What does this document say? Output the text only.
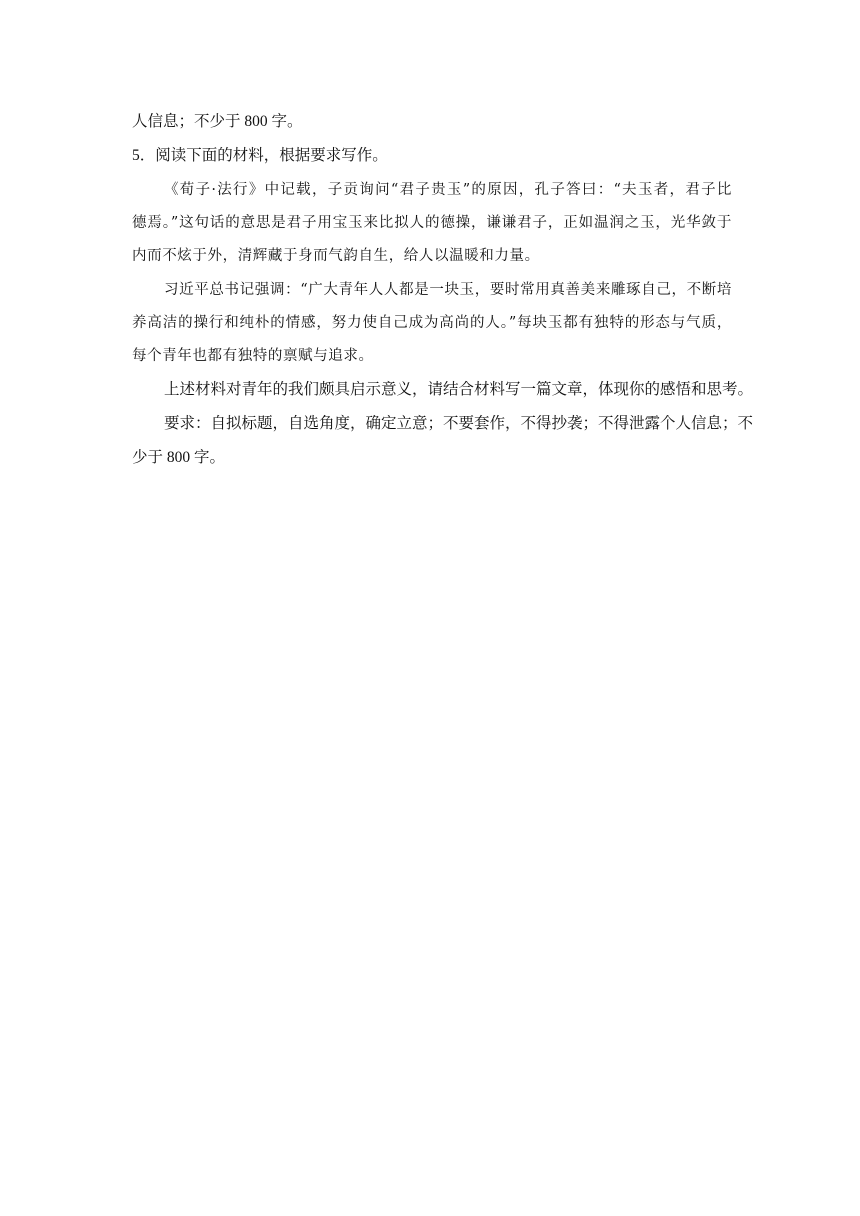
人信息；不少于 800 字。
5．阅读下面的材料，根据要求写作。
《荀子·法行》中记载，子贡询问“君子贵玉”的原因，孔子答曰：“夫玉者，君子比
德焉。”这句话的意思是君子用宝玉来比拟人的德操，谦谦君子，正如温润之玉，光华敛于
内而不炫于外，清辉藏于身而气韵自生，给人以温暖和力量。
习近平总书记强调：“广大青年人人都是一块玉，要时常用真善美来雕琢自己，不断培
养高洁的操行和纯朴的情感，努力使自己成为高尚的人。”每块玉都有独特的形态与气质，
每个青年也都有独特的禀赋与追求。
上述材料对青年的我们颇具启示意义，请结合材料写一篇文章，体现你的感悟和思考。
要求：自拟标题，自选角度，确定立意；不要套作，不得抄袭；不得泄露个人信息；不
少于 800 字。
